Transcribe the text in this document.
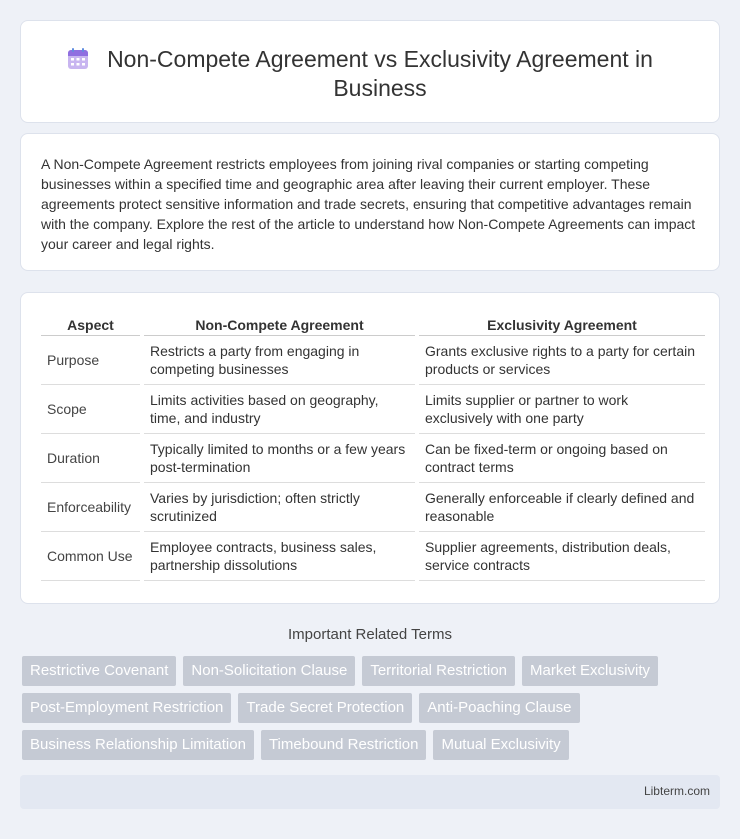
Non-Compete Agreement vs Exclusivity Agreement in Business

A Non-Compete Agreement restricts employees from joining rival companies or starting competing businesses within a specified time and geographic area after leaving their current employer. These agreements protect sensitive information and trade secrets, ensuring that competitive advantages remain with the company. Explore the rest of the article to understand how Non-Compete Agreements can impact your career and legal rights.

Aspect	Non-Compete Agreement	Exclusivity Agreement
Purpose	Restricts a party from engaging in competing businesses	Grants exclusive rights to a party for certain products or services
Scope	Limits activities based on geography, time, and industry	Limits supplier or partner to work exclusively with one party
Duration	Typically limited to months or a few years post-termination	Can be fixed-term or ongoing based on contract terms
Enforceability	Varies by jurisdiction; often strictly scrutinized	Generally enforceable if clearly defined and reasonable
Common Use	Employee contracts, business sales, partnership dissolutions	Supplier agreements, distribution deals, service contracts
Important Related Terms
Restrictive Covenant	Non-Solicitation Clause	Territorial Restriction	Market Exclusivity
Post-Employment Restriction	Trade Secret Protection	Anti-Poaching Clause
Business Relationship Limitation	Timebound Restriction	Mutual Exclusivity
Libterm.com
